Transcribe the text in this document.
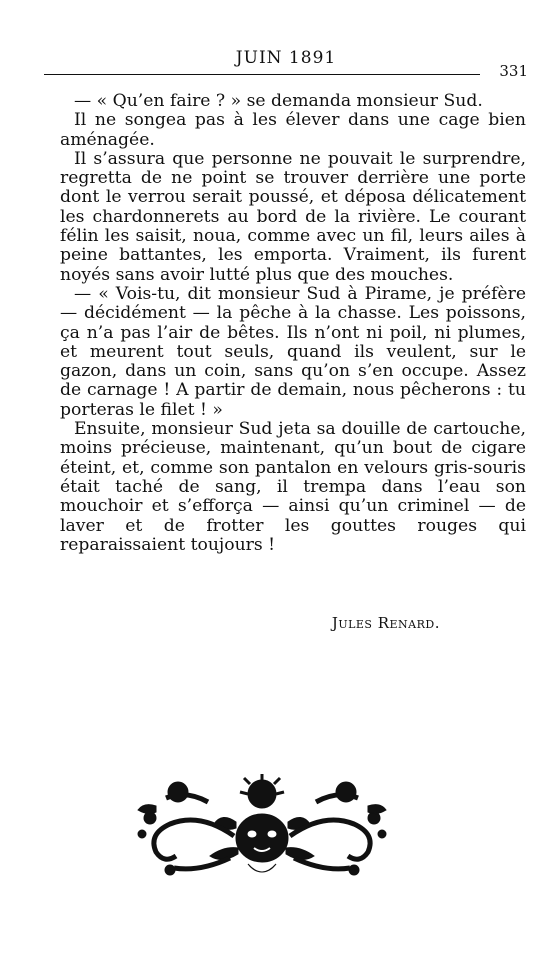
JUIN 1891
331

— « Qu’en faire ? » se demanda monsieur Sud.

Il ne songea pas à les élever dans une cage bien aménagée.

Il s’assura que personne ne pouvait le surprendre, regretta de ne point se trouver derrière une porte dont le verrou serait poussé, et déposa délicatement les chardonnerets au bord de la rivière. Le courant félin les saisit, noua, comme avec un fil, leurs ailes à peine battantes, les emporta. Vraiment, ils furent noyés sans avoir lutté plus que des mouches.

— « Vois-tu, dit monsieur Sud à Pirame, je préfère — décidément — la pêche à la chasse. Les poissons, ça n’a pas l’air de bêtes. Ils n’ont ni poil, ni plumes, et meurent tout seuls, quand ils veulent, sur le gazon, dans un coin, sans qu’on s’en occupe. Assez de carnage ! A partir de demain, nous pêcherons : tu porteras le filet ! »

Ensuite, monsieur Sud jeta sa douille de cartouche, moins précieuse, maintenant, qu’un bout de cigare éteint, et, comme son pantalon en velours gris-souris était taché de sang, il trempa dans l’eau son mouchoir et s’efforça — ainsi qu’un criminel — de laver et de frotter les gouttes rouges qui reparaissaient toujours !

Jules Renard.
